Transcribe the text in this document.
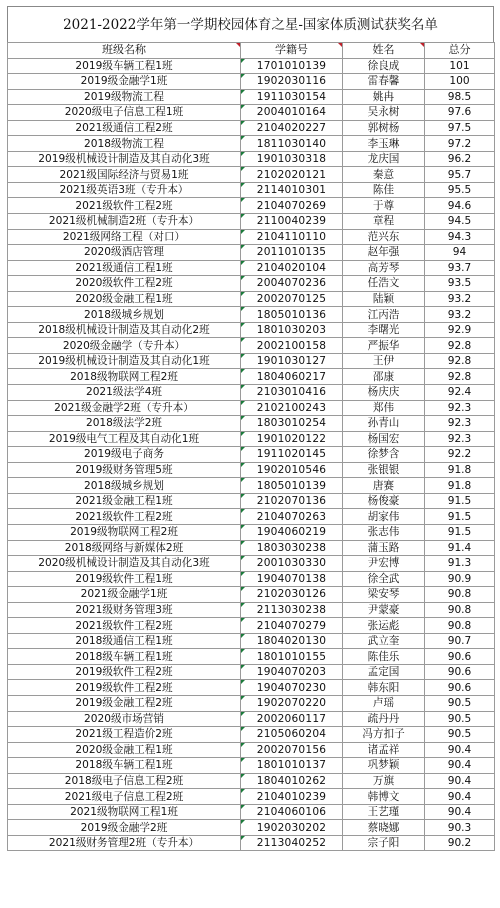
2021-2022学年第一学期校园体育之星-国家体质测试获奖名单
班级名称	学籍号	姓名	总分
2019级车辆工程1班	1701010139	徐良成	101
2019级金融学1班	1902030116	雷春馨	100
2019级物流工程	1911030154	姚冉	98.5
2020级电子信息工程1班	2004010164	吴永树	97.6
2021级通信工程2班	2104020227	郭树杨	97.5
2018级物流工程	1811030140	李玉琳	97.2
2019级机械设计制造及其自动化3班	1901030318	龙庆国	96.2
2021级国际经济与贸易1班	2102020121	秦意	95.7
2021级英语3班（专升本）	2114010301	陈佳	95.5
2021级软件工程2班	2104070269	于尊	94.6
2021级机械制造2班（专升本）	2110040239	章程	94.5
2021级网络工程（对口）	2104110110	范兴东	94.3
2020级酒店管理	2011010135	赵年强	94
2021级通信工程1班	2104020104	高芳琴	93.7
2020级软件工程2班	2004070236	任浩文	93.5
2020级金融工程1班	2002070125	陆颖	93.2
2018级城乡规划	1805010136	江丙浩	93.2
2018级机械设计制造及其自动化2班	1801030203	李曙光	92.9
2020级金融学（专升本）	2002100158	严振华	92.8
2019级机械设计制造及其自动化1班	1901030127	王伊	92.8
2018级物联网工程2班	1804060217	邵康	92.8
2021级法学4班	2103010416	杨庆庆	92.4
2021级金融学2班（专升本）	2102100243	郑伟	92.3
2018级法学2班	1803010254	孙青山	92.3
2019级电气工程及其自动化1班	1901020122	杨国宏	92.3
2019级电子商务	1911020145	徐梦含	92.2
2019级财务管理5班	1902010546	张银银	91.8
2018级城乡规划	1805010139	唐赛	91.8
2021级金融工程1班	2102070136	杨俊豪	91.5
2021级软件工程2班	2104070263	胡家伟	91.5
2019级物联网工程2班	1904060219	张志伟	91.5
2018级网络与新媒体2班	1803030238	蒲玉路	91.4
2020级机械设计制造及其自动化3班	2001030330	尹宏博	91.3
2019级软件工程1班	1904070138	徐全武	90.9
2021级金融学1班	2102030126	梁安琴	90.8
2021级财务管理3班	2113030238	尹蒙豪	90.8
2021级软件工程2班	2104070279	张运彪	90.8
2018级通信工程1班	1804020130	武立奎	90.7
2018级车辆工程1班	1801010155	陈佳乐	90.6
2019级软件工程2班	1904070203	孟定国	90.6
2019级软件工程2班	1904070230	韩东阳	90.6
2019级金融工程2班	1902070220	卢瑶	90.5
2020级市场营销	2002060117	疏丹丹	90.5
2021级工程造价2班	2105060204	冯方扣子	90.5
2020级金融工程1班	2002070156	诸孟祥	90.4
2018级车辆工程1班	1801010137	巩梦颖	90.4
2018级电子信息工程2班	1804010262	万旗	90.4
2021级电子信息工程2班	2104010239	韩博文	90.4
2021级物联网工程1班	2104060106	王艺瑾	90.4
2019级金融学2班	1902030202	蔡晓娜	90.3
2021级财务管理2班（专升本）	2113040252	宗子阳	90.2
